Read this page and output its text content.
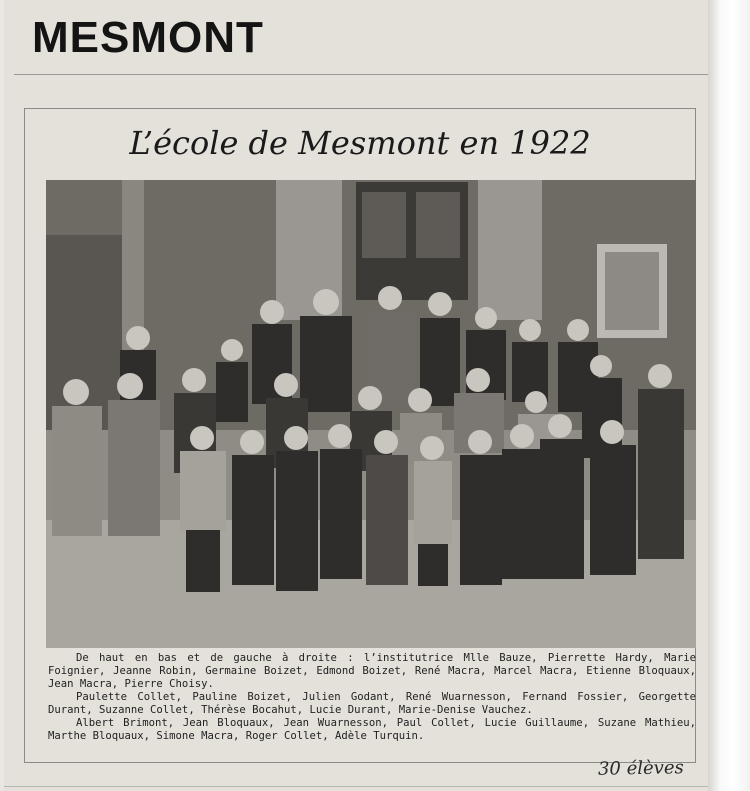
MESMONT
L’école de Mesmont en 1922

De haut en bas et de gauche à droite : l’institutrice Mlle Bauze, Pierrette Hardy, Marie Foignier, Jeanne Robin, Germaine Boizet, Edmond Boizet, René Macra, Marcel Macra, Etienne Bloquaux, Jean Macra, Pierre Choisy.

Paulette Collet, Pauline Boizet, Julien Godant, René Wuarnesson, Fernand Fossier, Georgette Durant, Suzanne Collet, Thérèse Bocahut, Lucie Durant, Marie-Denise Vauchez.

Albert Brimont, Jean Bloquaux, Jean Wuarnesson, Paul Collet, Lucie Guillaume, Suzane Mathieu, Marthe Bloquaux, Simone Macra, Roger Collet, Adèle Turquin.

30 élèves
